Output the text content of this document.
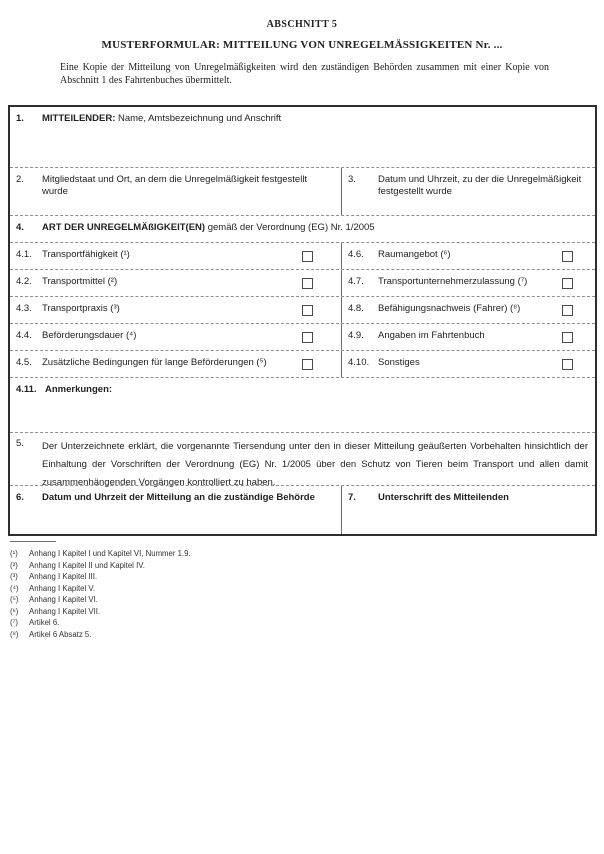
ABSCHNITT 5
MUSTERFORMULAR: MITTEILUNG VON UNREGELMÄSSIGKEITEN Nr. ...

Eine Kopie der Mitteilung von Unregelmäßigkeiten wird den zuständigen Behörden zusammen mit einer Kopie von Abschnitt 1 des Fahrtenbuches übermittelt.

1. MITTEILENDER: Name, Amtsbezeichnung und Anschrift
2. Mitgliedstaat und Ort, an dem die Unregelmäßigkeit festgestellt wurde
3. Datum und Uhrzeit, zu der die Unregelmäßigkeit festgestellt wurde
4. ART DER UNREGELMÄßIGKEIT(EN) gemäß der Verordnung (EG) Nr. 1/2005
4.1. Transportfähigkeit (¹)	4.6. Raumangebot (⁶)
4.2. Transportmittel (²)	4.7. Transportunternehmerzulassung (⁷)
4.3. Transportpraxis (³)	4.8. Befähigungsnachweis (Fahrer) (⁸)
4.4. Beförderungsdauer (⁴)	4.9. Angaben im Fahrtenbuch
4.5. Zusätzliche Bedingungen für lange Beförderungen (⁵)	4.10. Sonstiges
4.11. Anmerkungen:
5. Der Unterzeichnete erklärt, die vorgenannte Tiersendung unter den in dieser Mitteilung geäußerten Vorbehalten hinsichtlich der Einhaltung der Vorschriften der Verordnung (EG) Nr. 1/2005 über den Schutz von Tieren beim Transport und allen damit zusammenhängenden Vorgängen kontrolliert zu haben.
6. Datum und Uhrzeit der Mitteilung an die zuständige Behörde	7. Unterschrift des Mitteilenden
(¹)	Anhang I Kapitel I und Kapitel VI, Nummer 1.9.
(²)	Anhang I Kapitel II und Kapitel IV.
(³)	Anhang I Kapitel III.
(⁴)	Anhang I Kapitel V.
(⁵)	Anhang I Kapitel VI.
(⁶)	Anhang I Kapitel VII.
(⁷)	Artikel 6.
(⁸)	Artikel 6 Absatz 5.
